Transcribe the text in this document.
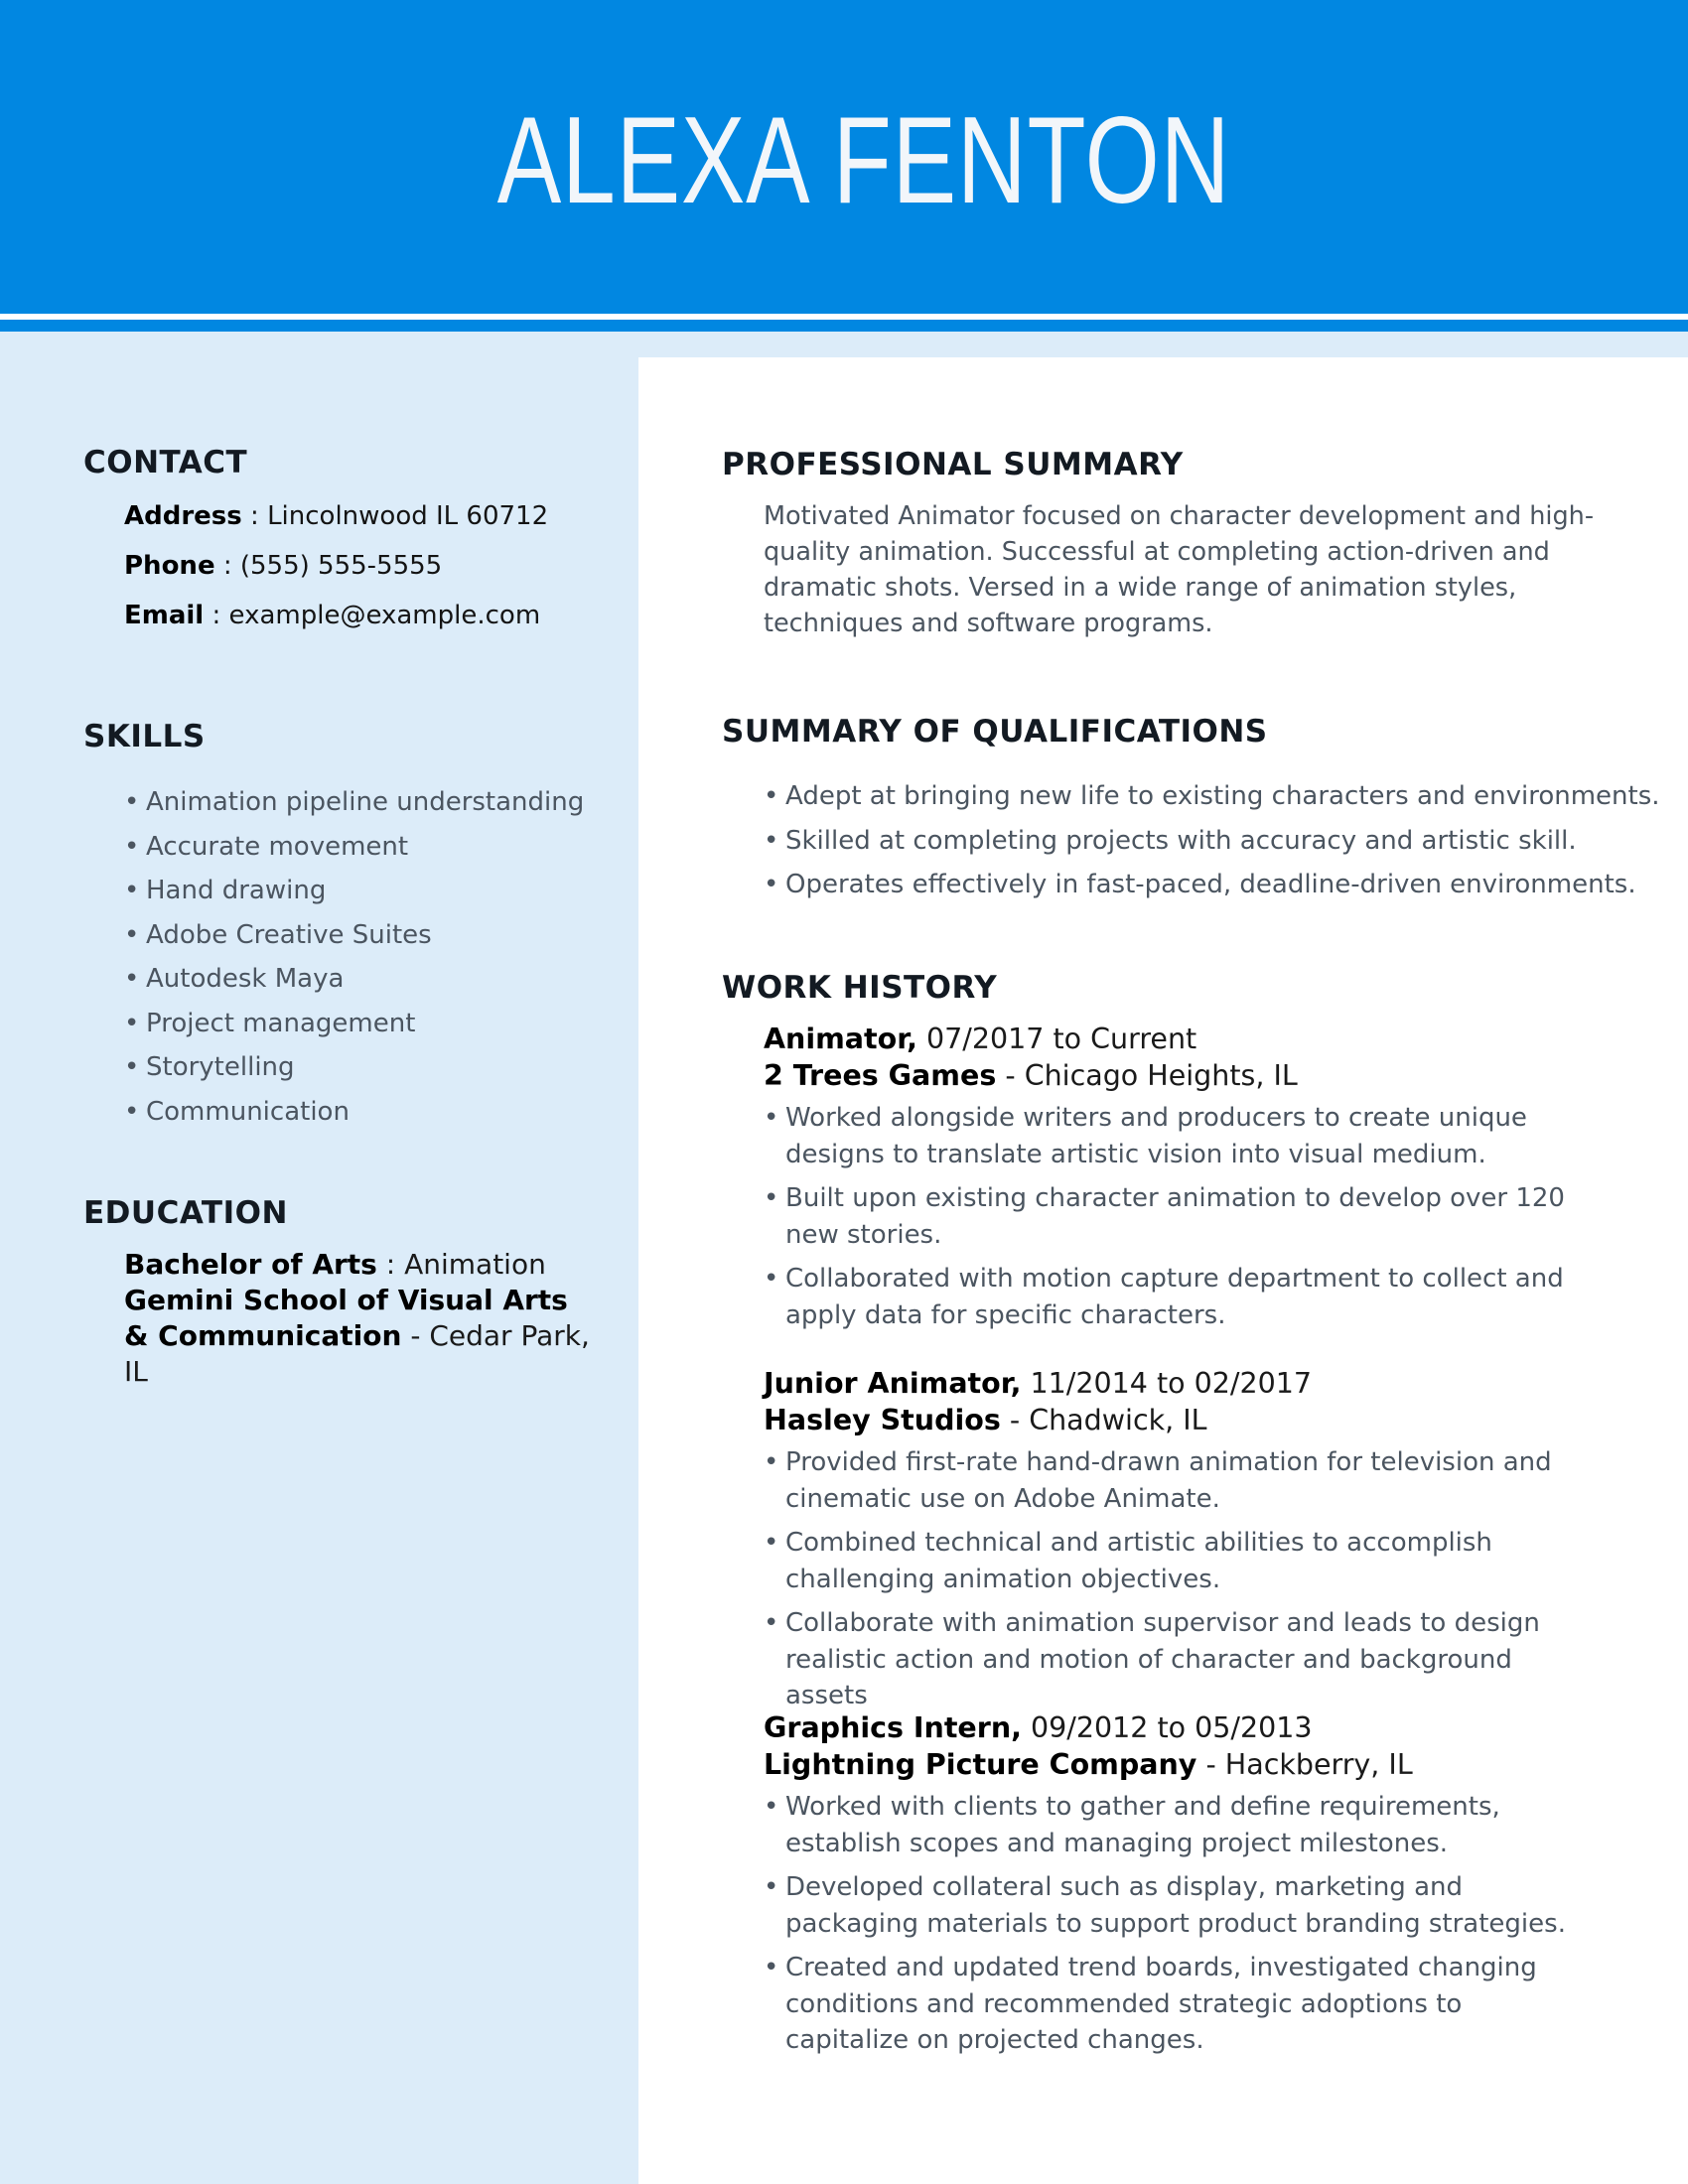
ALEXA FENTON
CONTACT
Address : Lincolnwood IL 60712
Phone : (555) 555-5555
Email : example@example.com
SKILLS
• Animation pipeline understanding
• Accurate movement
• Hand drawing
• Adobe Creative Suites
• Autodesk Maya
• Project management
• Storytelling
• Communication
EDUCATION
Bachelor of Arts : Animation
Gemini School of Visual Arts & Communication - Cedar Park, IL
PROFESSIONAL SUMMARY

Motivated Animator focused on character development and high-quality animation. Successful at completing action-driven and dramatic shots. Versed in a wide range of animation styles, techniques and software programs.

SUMMARY OF QUALIFICATIONS
• Adept at bringing new life to existing characters and environments.
• Skilled at completing projects with accuracy and artistic skill.
• Operates effectively in fast-paced, deadline-driven environments.
WORK HISTORY
Animator, 07/2017 to Current
2 Trees Games - Chicago Heights, IL
• Worked alongside writers and producers to create unique designs to translate artistic vision into visual medium.
• Built upon existing character animation to develop over 120 new stories.
• Collaborated with motion capture department to collect and apply data for specific characters.
Junior Animator, 11/2014 to 02/2017
Hasley Studios - Chadwick, IL
• Provided first-rate hand-drawn animation for television and cinematic use on Adobe Animate.
• Combined technical and artistic abilities to accomplish challenging animation objectives.
• Collaborate with animation supervisor and leads to design realistic action and motion of character and background assets
Graphics Intern, 09/2012 to 05/2013
Lightning Picture Company - Hackberry, IL
• Worked with clients to gather and define requirements, establish scopes and managing project milestones.
• Developed collateral such as display, marketing and packaging materials to support product branding strategies.
• Created and updated trend boards, investigated changing conditions and recommended strategic adoptions to capitalize on projected changes.
